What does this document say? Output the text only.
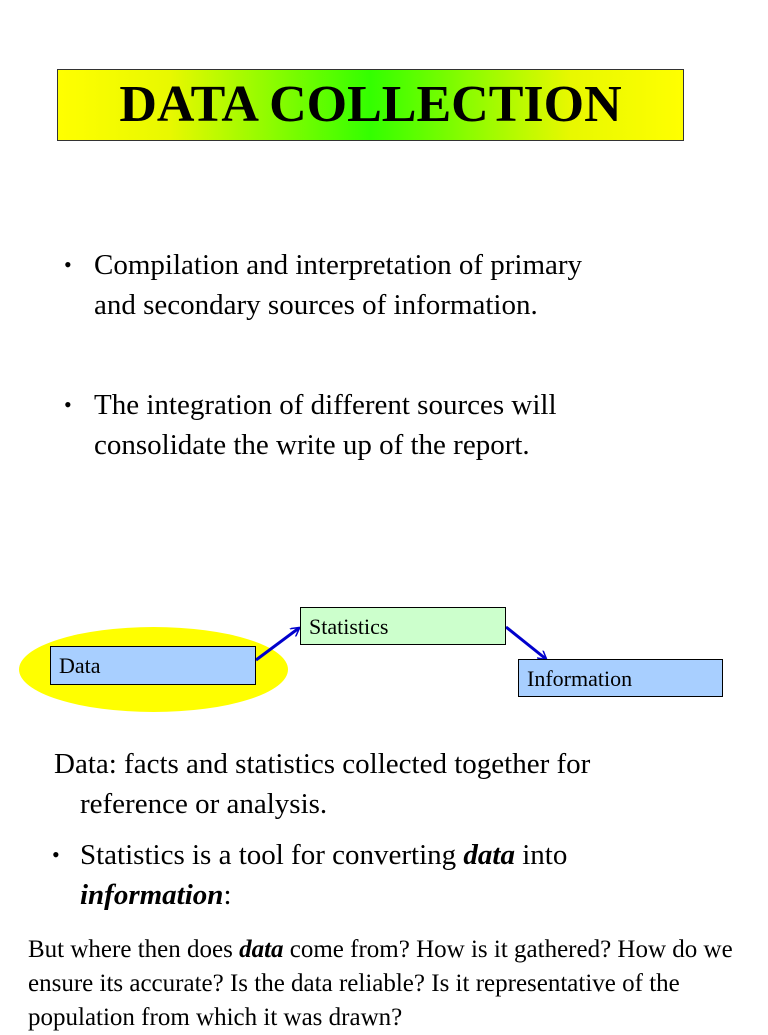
DATA COLLECTION
• Compilation and interpretation of primary
and secondary sources of information.
• The integration of different sources will
consolidate the write up of the report.
Data
Statistics
Information
Data: facts and statistics collected together for
reference or analysis.
• Statistics is a tool for converting data into
information:
But where then does data come from? How is it gathered? How do we ensure its accurate? Is the data reliable? Is it representative of the population from which it was drawn?
